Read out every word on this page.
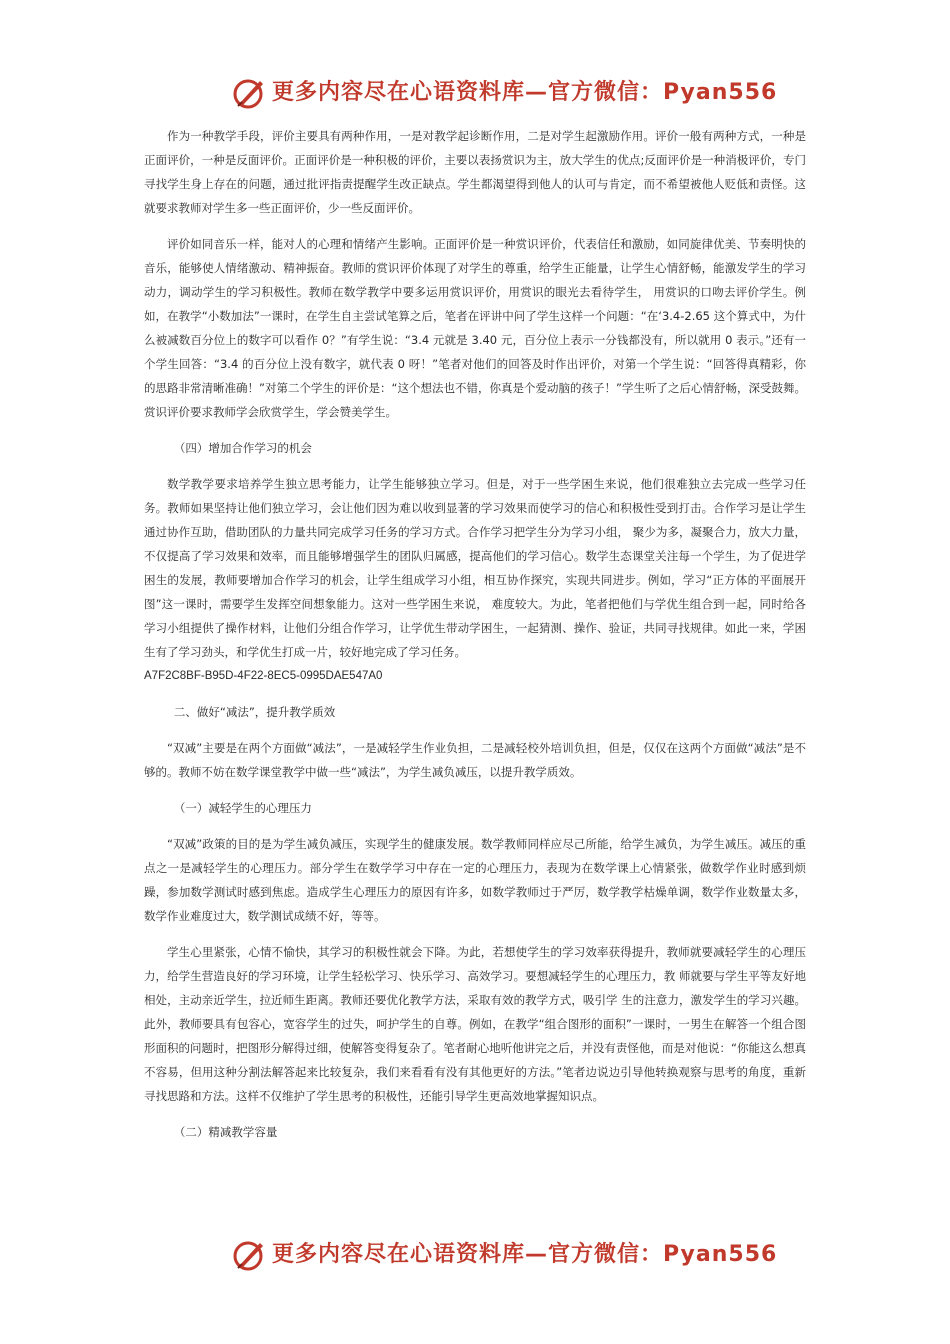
更多内容尽在心语资料库—官方微信：Pyan556

作为一种教学手段，评价主要具有两种作用，一是对教学起诊断作用，二是对学生起激励作用。评价一般有两种方式，一种是正面评价，一种是反面评价。正面评价是一种积极的评价，主要以表扬赏识为主，放大学生的优点;反面评价是一种消极评价，专门寻找学生身上存在的问题，通过批评指责提醒学生改正缺点。学生都渴望得到他人的认可与肯定，而不希望被他人贬低和责怪。这就要求教师对学生多一些正面评价，少一些反面评价。

评价如同音乐一样，能对人的心理和情绪产生影响。正面评价是一种赏识评价，代表信任和激励，如同旋律优美、节奏明快的音乐，能够使人情绪激动、精神振奋。教师的赏识评价体现了对学生的尊重，给学生正能量，让学生心情舒畅，能激发学生的学习动力，调动学生的学习积极性。教师在数学教学中要多运用赏识评价，用赏识的眼光去看待学生， 用赏识的口吻去评价学生。例如，在教学“小数加法”一课时，在学生自主尝试笔算之后，笔者在评讲中问了学生这样一个问题：“在‘3.4-2.65 这个算式中，为什么被减数百分位上的数字可以看作 0？”有学生说：“3.4 元就是 3.40 元，百分位上表示一分钱都没有，所以就用 0 表示。”还有一个学生回答：“3.4 的百分位上没有数字，就代表 0 呀！”笔者对他们的回答及时作出评价，对第一个学生说：“回答得真精彩，你的思路非常清晰准确！”对第二个学生的评价是：“这个想法也不错，你真是个爱动脑的孩子！”学生听了之后心情舒畅，深受鼓舞。赏识评价要求教师学会欣赏学生，学会赞美学生。

（四）增加合作学习的机会

数学教学要求培养学生独立思考能力，让学生能够独立学习。但是，对于一些学困生来说，他们很难独立去完成一些学习任务。教师如果坚持让他们独立学习，会让他们因为难以收到显著的学习效果而使学习的信心和积极性受到打击。合作学习是让学生通过协作互助，借助团队的力量共同完成学习任务的学习方式。合作学习把学生分为学习小组， 聚少为多，凝聚合力，放大力量，不仅提高了学习效果和效率，而且能够增强学生的团队归属感，提高他们的学习信心。数学生态课堂关注每一个学生，为了促进学困生的发展，教师要增加合作学习的机会，让学生组成学习小组，相互协作探究，实现共同进步。例如，学习“正方体的平面展开图”这一课时，需要学生发挥空间想象能力。这对一些学困生来说， 难度较大。为此，笔者把他们与学优生组合到一起，同时给各学习小组提供了操作材料，让他们分组合作学习，让学优生带动学困生，一起猜测、操作、验证，共同寻找规律。如此一来，学困生有了学习劲头，和学优生打成一片，较好地完成了学习任务。

A7F2C8BF-B95D-4F22-8EC5-0995DAE547A0

二、做好“减法”，提升教学质效

“双减”主要是在两个方面做“减法”，一是减轻学生作业负担，二是减轻校外培训负担，但是，仅仅在这两个方面做“减法”是不够的。教师不妨在数学课堂教学中做一些“减法”，为学生减负减压，以提升教学质效。

（一）减轻学生的心理压力

“双减”政策的目的是为学生减负减压，实现学生的健康发展。数学教师同样应尽己所能，给学生减负，为学生减压。减压的重点之一是减轻学生的心理压力。部分学生在数学学习中存在一定的心理压力，表现为在数学课上心情紧张，做数学作业时感到烦躁，参加数学测试时感到焦虑。造成学生心理压力的原因有许多，如数学教师过于严厉，数学教学枯燥单调，数学作业数量太多，数学作业难度过大，数学测试成绩不好，等等。

学生心里紧张，心情不愉快，其学习的积极性就会下降。为此，若想使学生的学习效率获得提升，教师就要减轻学生的心理压力，给学生营造良好的学习环境，让学生轻松学习、快乐学习、高效学习。要想减轻学生的心理压力，教 师就要与学生平等友好地相处，主动亲近学生，拉近师生距离。教师还要优化教学方法，采取有效的教学方式，吸引学 生的注意力，激发学生的学习兴趣。此外，教师要具有包容心，宽容学生的过失，呵护学生的自尊。例如，在教学“组合图形的面积”一课时，一男生在解答一个组合图形面积的问题时，把图形分解得过细，使解答变得复杂了。笔者耐心地听他讲完之后，并没有责怪他，而是对他说：“你能这么想真不容易，但用这种分割法解答起来比较复杂，我们来看看有没有其他更好的方法。”笔者边说边引导他转换观察与思考的角度，重新寻找思路和方法。这样不仅维护了学生思考的积极性，还能引导学生更高效地掌握知识点。

（二）精减教学容量

更多内容尽在心语资料库—官方微信：Pyan556
